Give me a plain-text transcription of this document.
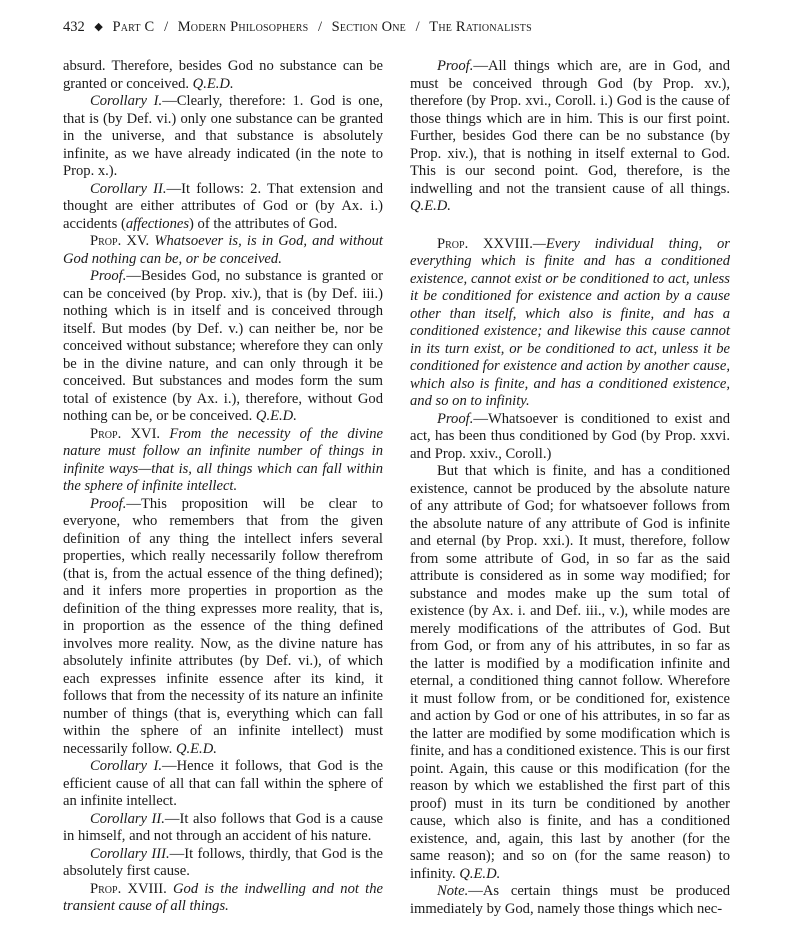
432 ◆ Part C / Modern Philosophers / Section One / The Rationalists

absurd. Therefore, besides God no substance can be granted or conceived. Q.E.D.

Corollary I.—Clearly, therefore: 1. God is one, that is (by Def. vi.) only one substance can be granted in the universe, and that substance is absolutely infinite, as we have already indicated (in the note to Prop. x.).

Corollary II.—It follows: 2. That extension and thought are either attributes of God or (by Ax. i.) accidents (affectiones) of the attributes of God.

Prop. XV. Whatsoever is, is in God, and without God nothing can be, or be conceived.

Proof.—Besides God, no substance is granted or can be conceived (by Prop. xiv.), that is (by Def. iii.) nothing which is in itself and is conceived through itself. But modes (by Def. v.) can neither be, nor be conceived without substance; wherefore they can only be in the divine nature, and can only through it be conceived. But substances and modes form the sum total of existence (by Ax. i.), therefore, without God nothing can be, or be conceived. Q.E.D.

Prop. XVI. From the necessity of the divine nature must follow an infinite number of things in infinite ways—that is, all things which can fall within the sphere of infinite intellect.

Proof.—This proposition will be clear to everyone, who remembers that from the given definition of any thing the intellect infers several properties, which really necessarily follow therefrom (that is, from the actual essence of the thing defined); and it infers more properties in proportion as the definition of the thing expresses more reality, that is, in proportion as the essence of the thing defined involves more reality. Now, as the divine nature has absolutely infinite attributes (by Def. vi.), of which each expresses infinite essence after its kind, it follows that from the necessity of its nature an infinite number of things (that is, everything which can fall within the sphere of an infinite intellect) must necessarily follow. Q.E.D.

Corollary I.—Hence it follows, that God is the efficient cause of all that can fall within the sphere of an infinite intellect.

Corollary II.—It also follows that God is a cause in himself, and not through an accident of his nature.

Corollary III.—It follows, thirdly, that God is the absolutely first cause.

Prop. XVIII. God is the indwelling and not the transient cause of all things.

Proof.—All things which are, are in God, and must be conceived through God (by Prop. xv.), therefore (by Prop. xvi., Coroll. i.) God is the cause of those things which are in him. This is our first point. Further, besides God there can be no substance (by Prop. xiv.), that is nothing in itself external to God. This is our second point. God, therefore, is the indwelling and not the transient cause of all things. Q.E.D.

Prop. XXVIII.—Every individual thing, or everything which is finite and has a conditioned existence, cannot exist or be conditioned to act, unless it be conditioned for existence and action by a cause other than itself, which also is finite, and has a conditioned existence; and likewise this cause cannot in its turn exist, or be conditioned to act, unless it be conditioned for existence and action by another cause, which also is finite, and has a conditioned existence, and so on to infinity.

Proof.—Whatsoever is conditioned to exist and act, has been thus conditioned by God (by Prop. xxvi. and Prop. xxiv., Coroll.)

But that which is finite, and has a conditioned existence, cannot be produced by the absolute nature of any attribute of God; for whatsoever follows from the absolute nature of any attribute of God is infinite and eternal (by Prop. xxi.). It must, therefore, follow from some attribute of God, in so far as the said attribute is considered as in some way modified; for substance and modes make up the sum total of existence (by Ax. i. and Def. iii., v.), while modes are merely modifications of the attributes of God. But from God, or from any of his attributes, in so far as the latter is modified by a modification infinite and eternal, a conditioned thing cannot follow. Wherefore it must follow from, or be conditioned for, existence and action by God or one of his attributes, in so far as the latter are modified by some modification which is finite, and has a conditioned existence. This is our first point. Again, this cause or this modification (for the reason by which we established the first part of this proof) must in its turn be conditioned by another cause, which also is finite, and has a conditioned existence, and, again, this last by another (for the same reason); and so on (for the same reason) to infinity. Q.E.D.

Note.—As certain things must be produced immediately by God, namely those things which nec-
